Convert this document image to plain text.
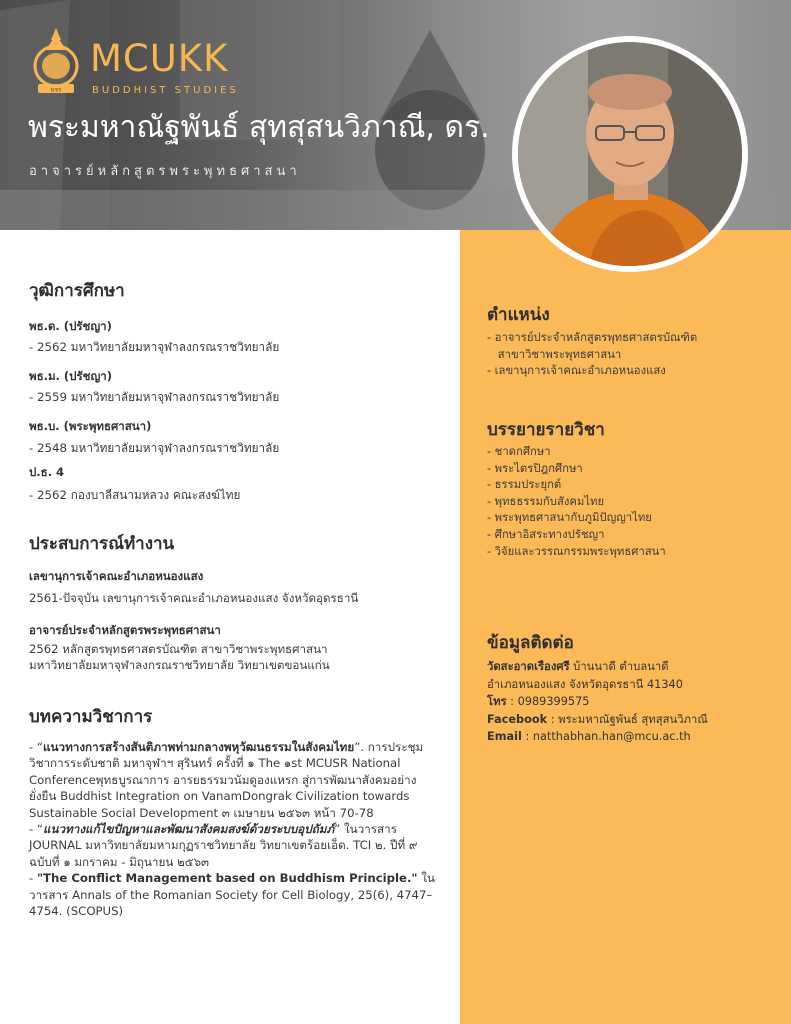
มจร
MCUKK
BUDDHIST STUDIES
พระมหาณัฐพันธ์ สุทสุสนวิภาณี, ดร.
อาจารย์หลักสูตรพระพุทธศาสนา
ตำแหน่ง
- อาจารย์ประจำหลักสูตรพุทธศาสตรบัณฑิต
สาขาวิชาพระพุทธศาสนา
- เลขานุการเจ้าคณะอำเภอหนองแสง
บรรยายรายวิชา
- ชาดกศึกษา
- พระไตรปิฎกศึกษา
- ธรรมประยุกต์
- พุทธธรรมกับสังคมไทย
- พระพุทธศาสนากับภูมิปัญญาไทย
- ศึกษาอิสระทางปรัชญา
- วิจัยและวรรณกรรมพระพุทธศาสนา
ข้อมูลติดต่อ
วัดสะอาดเรืองศรี บ้านนาดี ตำบลนาดี
อำเภอหนองแสง จังหวัดอุดรธานี 41340
โทร : 0989399575
Facebook : พระมหาณัฐพันธ์ สุทสุสนวิภาณี
Email : natthabhan.han@mcu.ac.th
วุฒิการศึกษา
พธ.ด. (ปรัชญา)
- 2562 มหาวิทยาลัยมหาจุฬาลงกรณราชวิทยาลัย
พธ.ม. (ปรัชญา)
- 2559 มหาวิทยาลัยมหาจุฬาลงกรณราชวิทยาลัย
พธ.บ. (พระพุทธศาสนา)
- 2548 มหาวิทยาลัยมหาจุฬาลงกรณราชวิทยาลัย
ป.ธ. 4
- 2562 กองบาลีสนามหลวง คณะสงฆ์ไทย
ประสบการณ์ทำงาน
เลขานุการเจ้าคณะอำเภอหนองแสง
2561-ปัจจุบัน เลขานุการเจ้าคณะอำเภอหนองแสง จังหวัดอุดรธานี
อาจารย์ประจำหลักสูตรพระพุทธศาสนา
2562 หลักสูตรพุทธศาสตรบัณฑิต สาขาวิชาพระพุทธศาสนา มหาวิทยาลัยมหาจุฬาลงกรณราชวิทยาลัย วิทยาเขตขอนแก่น
บทความวิชาการ

- “แนวทางการสร้างสันติภาพท่ามกลางพหุวัฒนธรรมในสังคมไทย”. การประชุมวิชาการระดับชาติ มหาจุฬาฯ สุรินทร์ ครั้งที่ ๑ The ๑st MCUSR National Conferenceพุทธบูรณาการ อารยธรรมวนัมดูองแหรก สู่การพัฒนาสังคมอย่างยั่งยืน Buddhist Integration on VanamDongrak Civilization towards Sustainable Social Development ๓ เมษายน ๒๕๖๓ หน้า 70-78

- “แนวทางแก้ไขปัญหาและพัฒนาสังคมสงฆ์ด้วยระบบอุปถัมภ์” ในวารสาร JOURNAL มหาวิทยาลัยมหามกุฏราชวิทยาลัย วิทยาเขตร้อยเอ็ด. TCI ๒. ปีที่ ๙ ฉบับที่ ๑ มกราคม - มิถุนายน ๒๕๖๓

- "The Conflict Management based on Buddhism Principle." ในวารสาร Annals of the Romanian Society for Cell Biology, 25(6), 4747–4754. (SCOPUS)
